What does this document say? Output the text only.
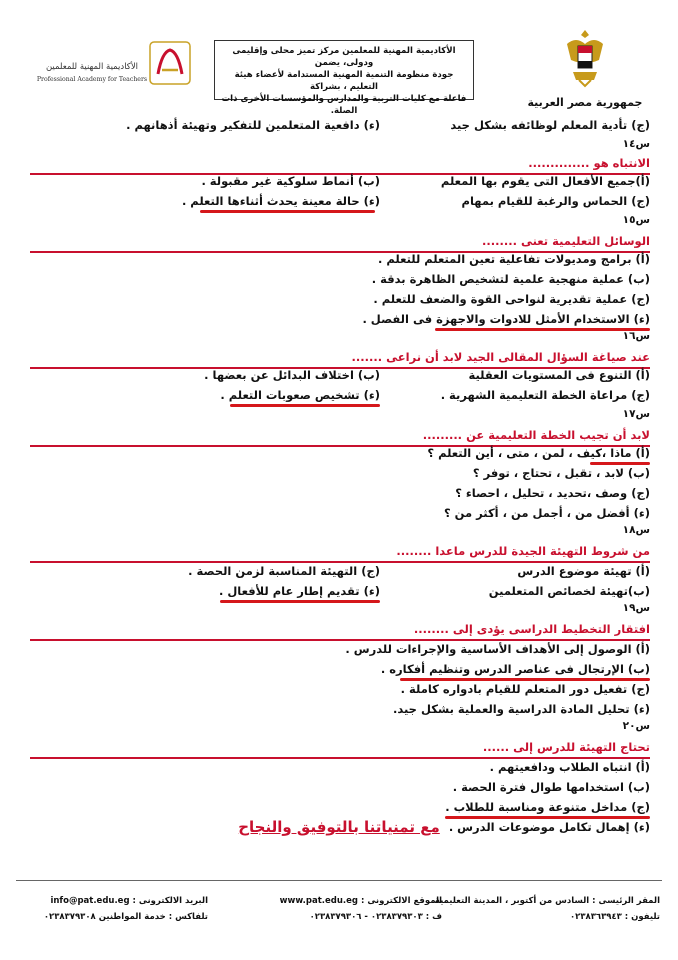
جمهورية مصر العربية
الأكاديمية المهنية للمعلمين مركز تميز محلى وإقليمى ودولى، يضمن
جودة منظومة التنمية المهنية المستدامة لأعضاء هيئة التعليم ، بشراكة
فاعلة مع كليات التربية والمدارس والمؤسسات الأخرى ذات الصلة.
الأكاديمية المهنية للمعلمين
Professional Academy for Teachers
(ج) تأدية المعلم لوظائفه بشكل جيد
(ء) دافعية المتعلمين للتفكير وتهيئة أذهانهم .
س١٤
الانتباه هو ..............
(أ)جميع الأفعال التى يقوم بها المعلم
(ب) أنماط سلوكية غير مقبولة .
(ج) الحماس والرغبة للقيام بمهام
(ء) حالة معينة يحدث أثناءها التعلم .
س١٥
الوسائل التعليمية تعنى ........
(أ) برامج ومديولات تفاعلية تعين المتعلم للتعلم .
(ب) عملية منهجية علمية لتشخيص الظاهرة بدقة .
(ج) عملية تقديرية لنواحى القوة والضعف للتعلم .
(ء) الاستخدام الأمثل للادوات والاجهزة فى الفصل .
س١٦
عند صياغة السؤال المقالى الجيد لابد أن نراعى .......
(أ) التنوع فى المستويات العقلية
(ب) اختلاف البدائل عن بعضها .
(ج) مراعاة الخطة التعليمية الشهرية .
(ء) تشخيص صعوبات التعلم .
س١٧
لابد أن تجيب الخطة التعليمية عن .........
(أ) ماذا ،كيف ، لمن ، متى ، أين التعلم ؟
(ب) لابد ، تقبل ، تحتاج ، توفر ؟
(ج) وصف ،تحديد ، تحليل ، احصاء ؟
(ء) أفضل من ، أجمل من ، أكثر من ؟
س١٨
من شروط التهيئة الجيدة للدرس ماعدا ........
(أ) تهيئة موضوع الدرس
(ج) التهيئة المناسبة لزمن الحصة .
(ب)تهيئة لخصائص المتعلمين
(ء) تقديم إطار عام للأفعال .
س١٩
افتقار التخطيط الدراسى يؤدى إلى ........
(أ) الوصول إلى الأهداف الأساسية والإجراءات للدرس .
(ب) الإرتجال فى عناصر الدرس وتنظيم أفكاره .
(ج) تفعيل دور المتعلم للقيام بادواره كاملة .
(ء) تحليل المادة الدراسية والعملية بشكل جيد.
س٢٠
تحتاج التهيئة للدرس إلى ......
(أ) انتباه الطلاب ودافعيتهم .
(ب) استخدامها طوال فترة الحصة .
(ج) مداخل متنوعة ومناسبة للطلاب .
(ء) إهمال تكامل موضوعات الدرس .
مع تمنياتنا بالتوفيق والنجاح
المقر الرئيسى : السادس من أكتوبر ، المدينة التعليمية
تليفون : ٠٢٣٨٣٦٣٩٤٣
الموقع الالكترونى : www.pat.edu.eg
ف : ٠٢٣٨٣٧٩٣٠٣ - ٠٢٣٨٣٧٩٣٠٦
البريد الالكترونى : info@pat.edu.eg
تلفاكس : خدمة المواطنين ٠٢٣٨٣٧٩٣٠٨
